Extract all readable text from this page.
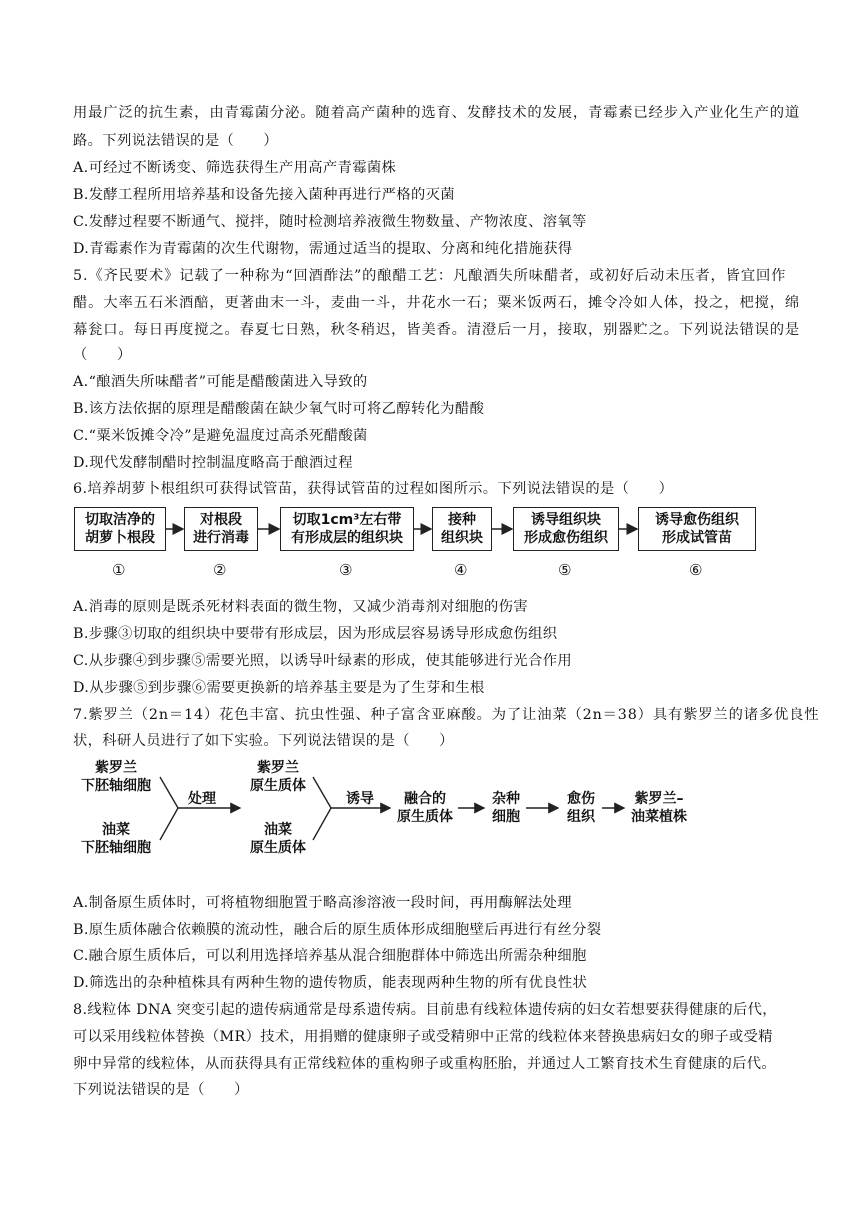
用最广泛的抗生素，由青霉菌分泌。随着高产菌种的选育、发酵技术的发展，青霉素已经步入产业化生产的道
路。下列说法错误的是（　　）
A.可经过不断诱变、筛选获得生产用高产青霉菌株
B.发酵工程所用培养基和设备先接入菌种再进行严格的灭菌
C.发酵过程要不断通气、搅拌，随时检测培养液微生物数量、产物浓度、溶氧等
D.青霉素作为青霉菌的次生代谢物，需通过适当的提取、分离和纯化措施获得
5.《齐民要术》记载了一种称为“回酒酢法”的酿醋工艺：凡酿酒失所味醋者，或初好后动未压者，皆宜回作
醋。大率五石米酒醅，更著曲末一斗，麦曲一斗，井花水一石；粟米饭两石，摊令冷如人体，投之，杷搅，绵
幕瓮口。每日再度搅之。春夏七日熟，秋冬稍迟，皆美香。清澄后一月，接取，别器贮之。下列说法错误的是
（　　）
A.“酿酒失所味醋者”可能是醋酸菌进入导致的
B.该方法依据的原理是醋酸菌在缺少氧气时可将乙醇转化为醋酸
C.“粟米饭摊令冷”是避免温度过高杀死醋酸菌
D.现代发酵制醋时控制温度略高于酿酒过程
6.培养胡萝卜根组织可获得试管苗，获得试管苗的过程如图所示。下列说法错误的是（　　）
切取洁净的
胡萝卜根段
对根段
进行消毒
切取1cm³左右带
有形成层的组织块
接种
组织块
诱导组织块
形成愈伤组织
诱导愈伤组织
形成试管苗
①	②	③	④	⑤	⑥
A.消毒的原则是既杀死材料表面的微生物，又减少消毒剂对细胞的伤害
B.步骤③切取的组织块中要带有形成层，因为形成层容易诱导形成愈伤组织
C.从步骤④到步骤⑤需要光照，以诱导叶绿素的形成，使其能够进行光合作用
D.从步骤⑤到步骤⑥需要更换新的培养基主要是为了生芽和生根
7.紫罗兰（2n＝14）花色丰富、抗虫性强、种子富含亚麻酸。为了让油菜（2n＝38）具有紫罗兰的诸多优良性
状，科研人员进行了如下实验。下列说法错误的是（　　）
紫罗兰
下胚轴细胞
油菜
下胚轴细胞
处理
紫罗兰
原生质体
油菜
原生质体
诱导	融合的
原生质体
杂种
细胞
愈伤
组织
紫罗兰–
油菜植株
A.制备原生质体时，可将植物细胞置于略高渗溶液一段时间，再用酶解法处理
B.原生质体融合依赖膜的流动性，融合后的原生质体形成细胞壁后再进行有丝分裂
C.融合原生质体后，可以利用选择培养基从混合细胞群体中筛选出所需杂种细胞
D.筛选出的杂种植株具有两种生物的遗传物质，能表现两种生物的所有优良性状
8.线粒体 DNA 突变引起的遗传病通常是母系遗传病。目前患有线粒体遗传病的妇女若想要获得健康的后代，
可以采用线粒体替换（MR）技术，用捐赠的健康卵子或受精卵中正常的线粒体来替换患病妇女的卵子或受精
卵中异常的线粒体，从而获得具有正常线粒体的重构卵子或重构胚胎，并通过人工繁育技术生育健康的后代。
下列说法错误的是（　　）
